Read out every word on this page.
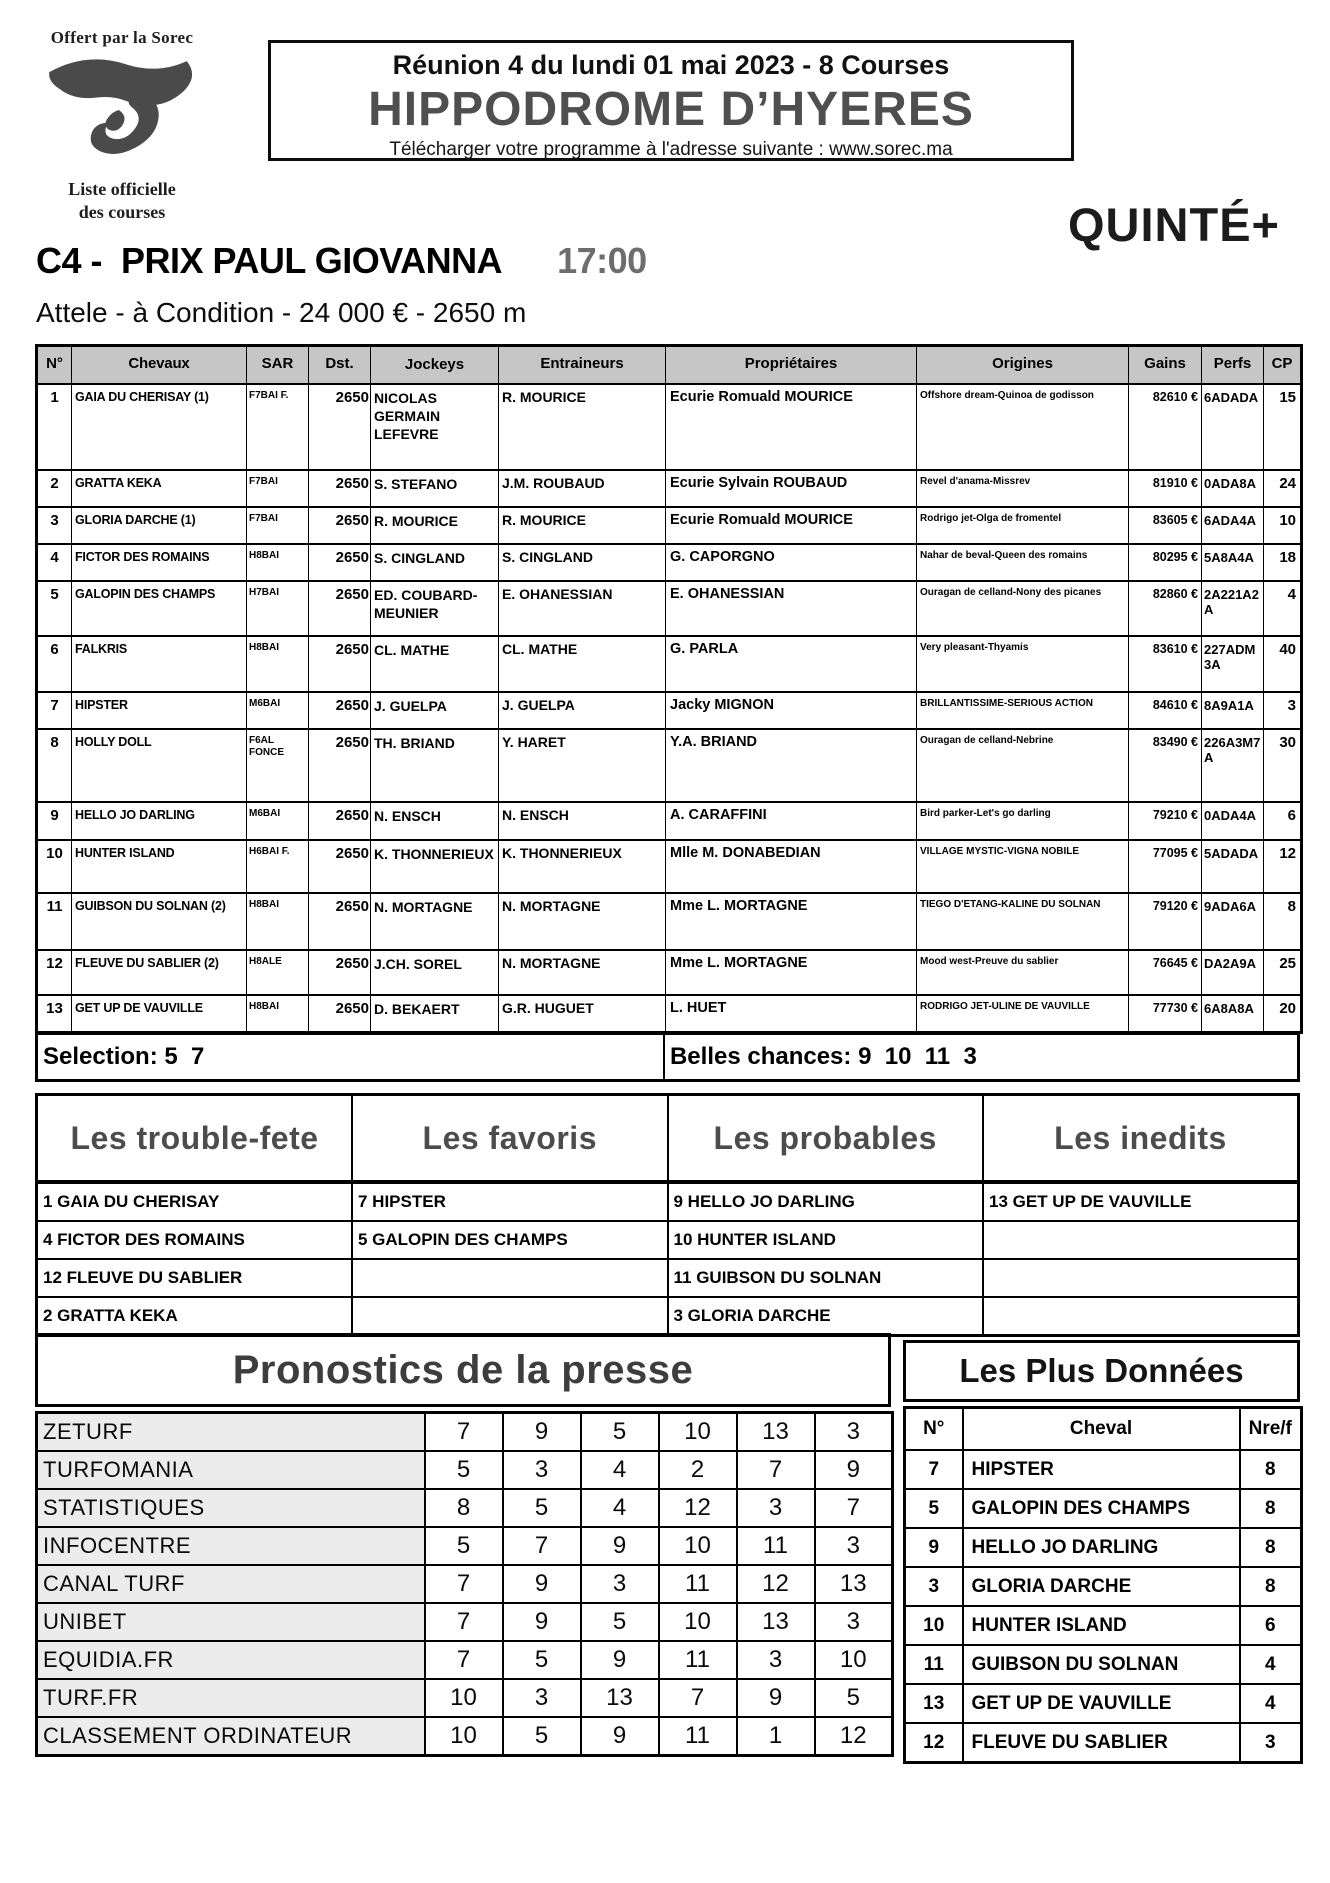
Offert par la Sorec
Liste officielle
des courses
Réunion 4 du lundi 01 mai 2023 - 8 Courses
HIPPODROME D’HYERES
Télécharger votre programme à l'adresse suivante : www.sorec.ma
QUINTÉ+
C4 -  PRIX PAUL GIOVANNA 17:00
Attele - à Condition - 24 000 € - 2650 m
N°	Chevaux	SAR	Dst.	Jockeys	Entraineurs	Propriétaires	Origines	Gains	Perfs	CP
1	GAIA DU CHERISAY (1)	F7BAI F.	2650	NICOLAS GERMAIN LEFEVRE	R. MOURICE	Ecurie Romuald MOURICE	Offshore dream-Quinoa de godisson	82610 €	6ADADA	15
2	GRATTA KEKA	F7BAI	2650	S. STEFANO	J.M. ROUBAUD	Ecurie Sylvain ROUBAUD	Revel d'anama-Missrev	81910 €	0ADA8A	24
3	GLORIA DARCHE (1)	F7BAI	2650	R. MOURICE	R. MOURICE	Ecurie Romuald MOURICE	Rodrigo jet-Olga de fromentel	83605 €	6ADA4A	10
4	FICTOR DES ROMAINS	H8BAI	2650	S. CINGLAND	S. CINGLAND	G. CAPORGNO	Nahar de beval-Queen des romains	80295 €	5A8A4A	18
5	GALOPIN DES CHAMPS	H7BAI	2650	ED. COUBARD-MEUNIER	E. OHANESSIAN	E. OHANESSIAN	Ouragan de celland-Nony des picanes	82860 €	2A221A2A	4
6	FALKRIS	H8BAI	2650	CL. MATHE	CL. MATHE	G. PARLA	Very pleasant-Thyamis	83610 €	227ADM3A	40
7	HIPSTER	M6BAI	2650	J. GUELPA	J. GUELPA	Jacky MIGNON	BRILLANTISSIME-SERIOUS ACTION	84610 €	8A9A1A	3
8	HOLLY DOLL	F6AL FONCE	2650	TH. BRIAND	Y. HARET	Y.A. BRIAND	Ouragan de celland-Nebrine	83490 €	226A3M7A	30
9	HELLO JO DARLING	M6BAI	2650	N. ENSCH	N. ENSCH	A. CARAFFINI	Bird parker-Let's go darling	79210 €	0ADA4A	6
10	HUNTER ISLAND	H6BAI F.	2650	K. THONNERIEUX	K. THONNERIEUX	Mlle M. DONABEDIAN	VILLAGE MYSTIC-VIGNA NOBILE	77095 €	5ADADA	12
11	GUIBSON DU SOLNAN (2)	H8BAI	2650	N. MORTAGNE	N. MORTAGNE	Mme L. MORTAGNE	TIEGO D'ETANG-KALINE DU SOLNAN	79120 €	9ADA6A	8
12	FLEUVE DU SABLIER (2)	H8ALE	2650	J.CH. SOREL	N. MORTAGNE	Mme L. MORTAGNE	Mood west-Preuve du sablier	76645 €	DA2A9A	25
13	GET UP DE VAUVILLE	H8BAI	2650	D. BEKAERT	G.R. HUGUET	L. HUET	RODRIGO JET-ULINE DE VAUVILLE	77730 €	6A8A8A	20
Selection: 5  7	Belles chances: 9  10  11  3
Les trouble-fete	Les favoris	Les probables	Les inedits
1 GAIA DU CHERISAY	7 HIPSTER	9 HELLO JO DARLING	13 GET UP DE VAUVILLE
4 FICTOR DES ROMAINS	5 GALOPIN DES CHAMPS	10 HUNTER ISLAND	
12 FLEUVE DU SABLIER		11 GUIBSON DU SOLNAN	
2 GRATTA KEKA		3 GLORIA DARCHE	
Pronostics de la presse
ZETURF	7	9	5	10	13	3
TURFOMANIA	5	3	4	2	7	9
STATISTIQUES	8	5	4	12	3	7
INFOCENTRE	5	7	9	10	11	3
CANAL TURF	7	9	3	11	12	13
UNIBET	7	9	5	10	13	3
EQUIDIA.FR	7	5	9	11	3	10
TURF.FR	10	3	13	7	9	5
CLASSEMENT ORDINATEUR	10	5	9	11	1	12
Les Plus Données
N°	Cheval	Nre/f
7	HIPSTER	8
5	GALOPIN DES CHAMPS	8
9	HELLO JO DARLING	8
3	GLORIA DARCHE	8
10	HUNTER ISLAND	6
11	GUIBSON DU SOLNAN	4
13	GET UP DE VAUVILLE	4
12	FLEUVE DU SABLIER	3
